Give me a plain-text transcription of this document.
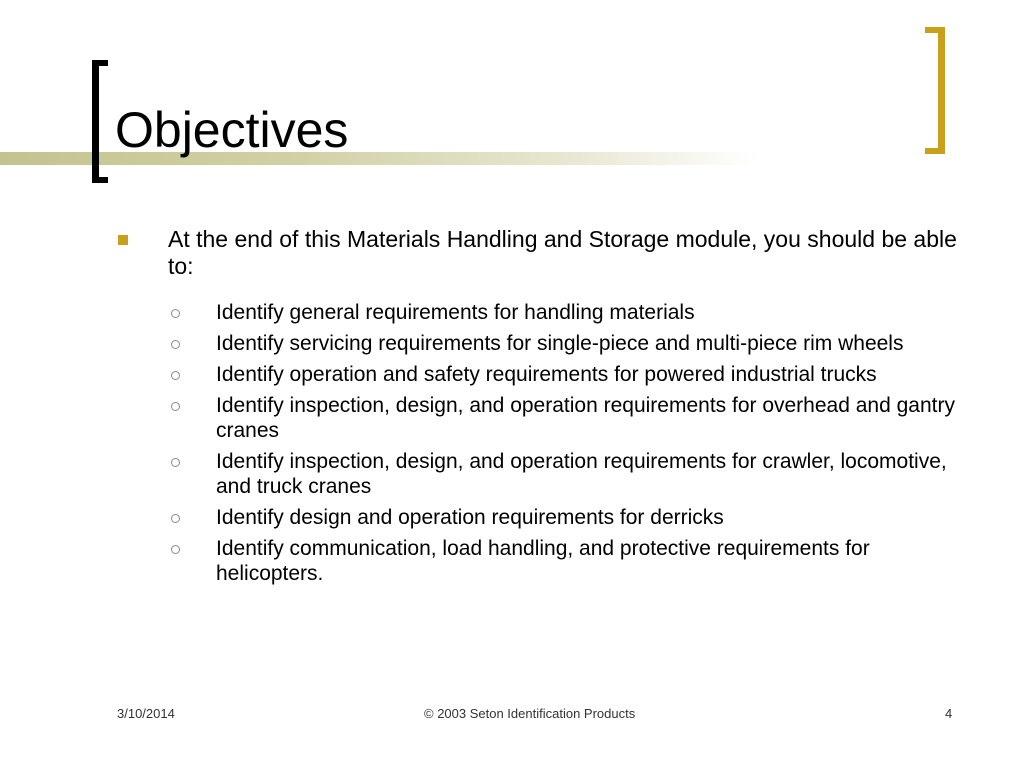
Objectives
At the end of this Materials Handling and Storage module, you should be able to:
Identify general requirements for handling materials
Identify servicing requirements for single-piece and multi-piece rim wheels
Identify operation and safety requirements for powered industrial trucks
Identify inspection, design, and operation requirements for overhead and gantry cranes
Identify inspection, design, and operation requirements for crawler, locomotive, and truck cranes
Identify design and operation requirements for derricks
Identify communication, load handling, and protective requirements for helicopters.
3/10/2014	© 2003 Seton Identification Products	4
